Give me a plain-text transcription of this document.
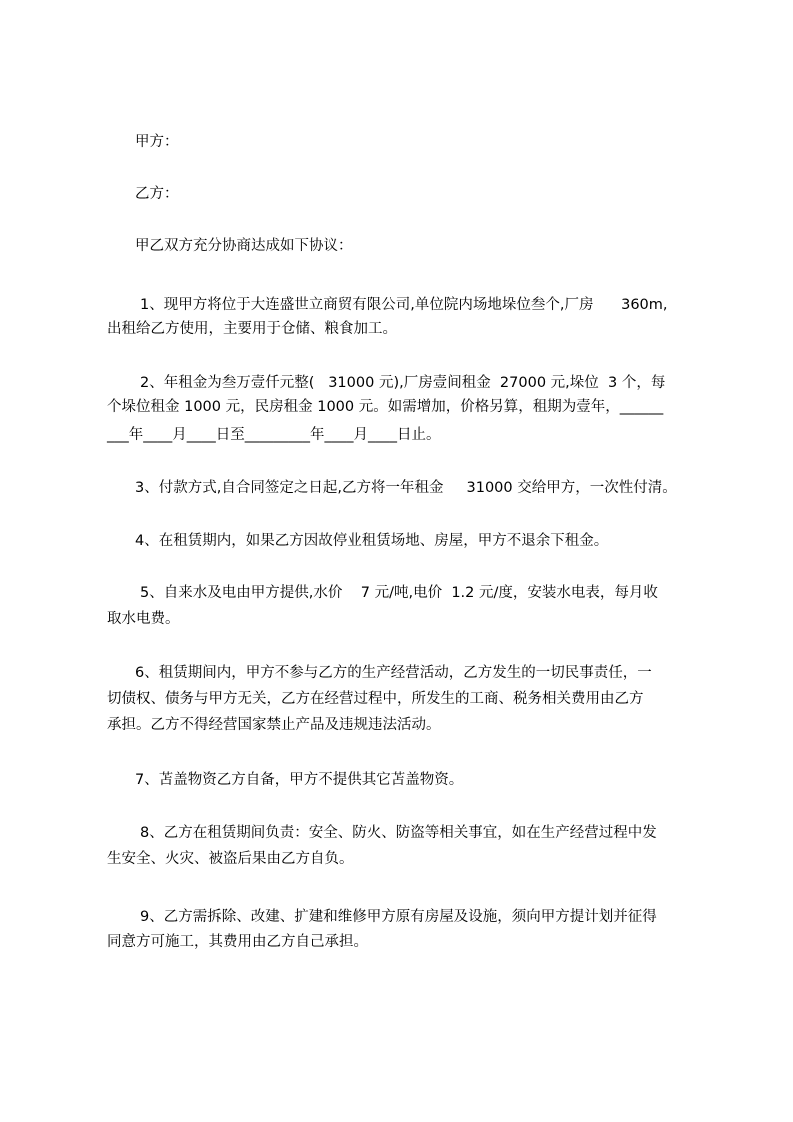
甲方：

乙方：

甲乙双方充分协商达成如下协议：

1、现甲方将位于大连盛世立商贸有限公司,单位院内场地垛位叁个,厂房      360m,

出租给乙方使用，主要用于仓储、粮食加工。

2、年租金为叁万壹仟元整(   31000 元),厂房壹间租金  27000 元,垛位  3 个，每

个垛位租金 1000 元，民房租金 1000 元。如需增加，价格另算，租期为壹年，______

___年____月____日至_________年____月____日止。

3、付款方式,自合同签定之日起,乙方将一年租金     31000 交给甲方，一次性付清。

4、在租赁期内，如果乙方因故停业租赁场地、房屋，甲方不退余下租金。

5、自来水及电由甲方提供,水价    7 元/吨,电价  1.2 元/度，安装水电表，每月收

取水电费。

6、租赁期间内，甲方不参与乙方的生产经营活动，乙方发生的一切民事责任，一

切债权、债务与甲方无关，乙方在经营过程中，所发生的工商、税务相关费用由乙方

承担。乙方不得经营国家禁止产品及违规违法活动。

7、苫盖物资乙方自备，甲方不提供其它苫盖物资。

8、乙方在租赁期间负责：安全、防火、防盗等相关事宜，如在生产经营过程中发

生安全、火灾、被盗后果由乙方自负。

9、乙方需拆除、改建、扩建和维修甲方原有房屋及设施，须向甲方提计划并征得

同意方可施工，其费用由乙方自己承担。
